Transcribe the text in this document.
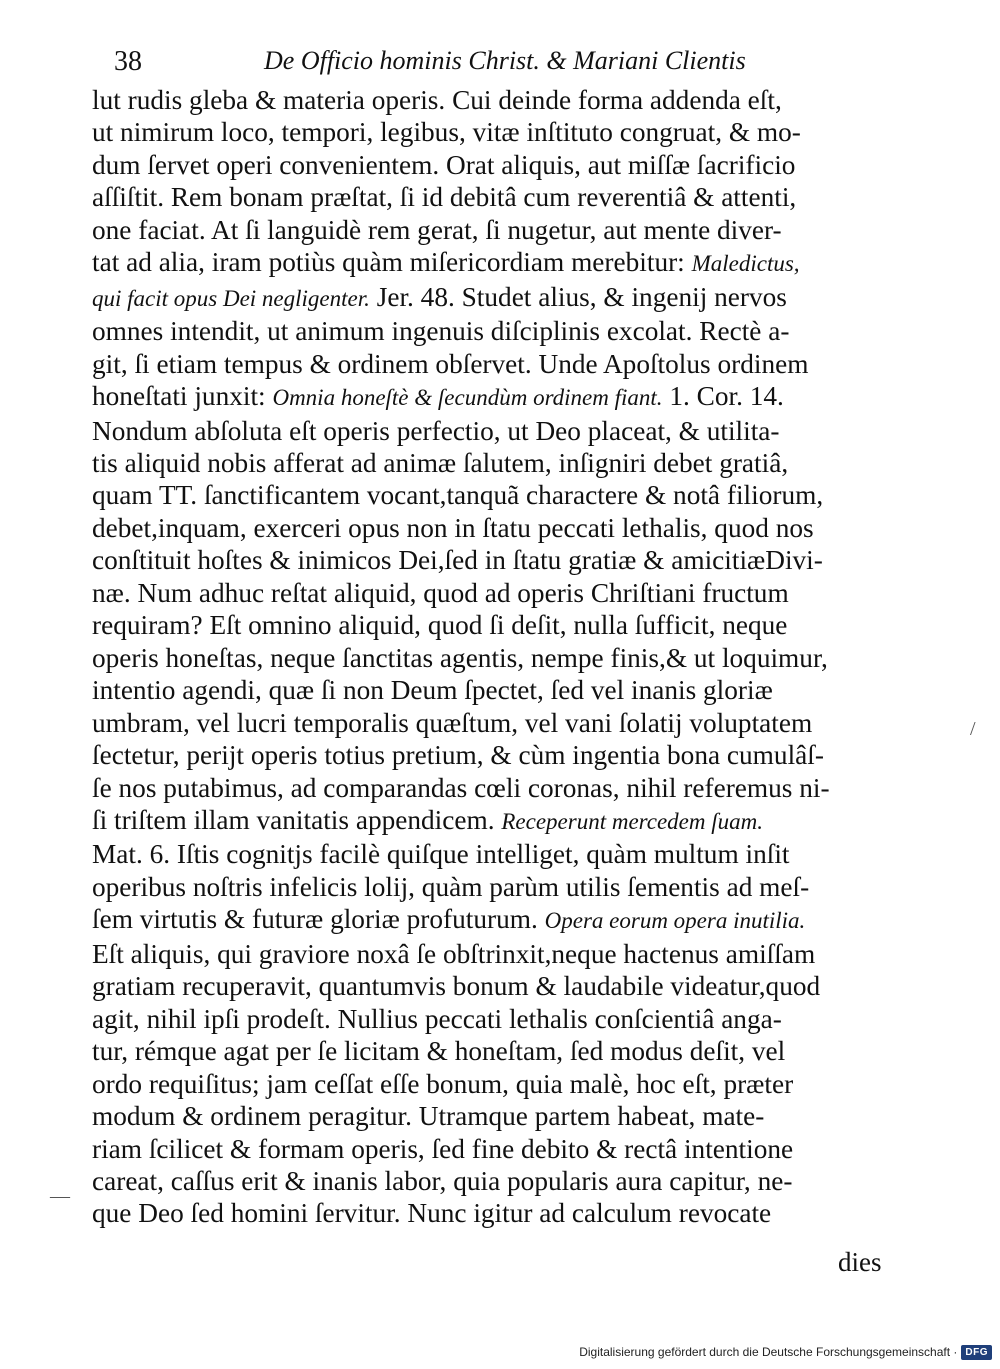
38	De Officio hominis Christ. & Mariani Clientis
lut rudis gleba & materia operis. Cui deinde forma addenda eſt,
ut nimirum loco, tempori, legibus, vitæ inſtituto congruat, & mo-
dum ſervet operi convenientem. Orat aliquis, aut miſſæ ſacrificio
aſſiſtit. Rem bonam præſtat, ſi id debitâ cum reverentiâ & attenti,
one faciat. At ſi languidè rem gerat, ſi nugetur, aut mente diver-
tat ad alia, iram potiùs quàm miſericordiam merebitur: Maledictus,
qui facit opus Dei negligenter. Jer. 48. Studet alius, & ingenij nervos
omnes intendit, ut animum ingenuis diſciplinis excolat. Rectè a-
git, ſi etiam tempus & ordinem obſervet. Unde Apoſtolus ordinem
honeſtati junxit: Omnia honeſtè & ſecundùm ordinem fiant. 1. Cor. 14.
Nondum abſoluta eſt operis perfectio, ut Deo placeat, & utilita-
tis aliquid nobis afferat ad animæ ſalutem, inſigniri debet gratiâ,
quam TT. ſanctificantem vocant,tanquã charactere & notâ filiorum,
debet,inquam, exerceri opus non in ſtatu peccati lethalis, quod nos
conſtituit hoſtes & inimicos Dei,ſed in ſtatu gratiæ & amicitiæDivi-
næ. Num adhuc reſtat aliquid, quod ad operis Chriſtiani fructum
requiram? Eſt omnino aliquid, quod ſi deſit, nulla ſufficit, neque
operis honeſtas, neque ſanctitas agentis, nempe finis,& ut loquimur,
intentio agendi, quæ ſi non Deum ſpectet, ſed vel inanis gloriæ
umbram, vel lucri temporalis quæſtum, vel vani ſolatij voluptatem
ſectetur, perijt operis totius pretium, & cùm ingentia bona cumulâſ-
ſe nos putabimus, ad comparandas cœli coronas, nihil referemus ni-
ſi triſtem illam vanitatis appendicem. Receperunt mercedem ſuam.
Mat. 6. Iſtis cognitjs facilè quiſque intelliget, quàm multum inſit
operibus noſtris infelicis lolij, quàm parùm utilis ſementis ad meſ-
ſem virtutis & futuræ gloriæ profuturum. Opera eorum opera inutilia.
Eſt aliquis, qui graviore noxâ ſe obſtrinxit,neque hactenus amiſſam
gratiam recuperavit, quantumvis bonum & laudabile videatur,quod
agit, nihil ipſi prodeſt. Nullius peccati lethalis conſcientiâ anga-
tur, rémque agat per ſe licitam & honeſtam, ſed modus deſit, vel
ordo requiſitus; jam ceſſat eſſe bonum, quia malè, hoc eſt, præter
modum & ordinem peragitur. Utramque partem habeat, mate-
riam ſcilicet & formam operis, ſed fine debito & rectâ intentione
careat, caſſus erit & inanis labor, quia popularis aura capitur, ne-
que Deo ſed homini ſervitur. Nunc igitur ad calculum revocate
dies
/
—
Digitalisierung gefördert durch die Deutsche Forschungsgemeinschaft · DFG
